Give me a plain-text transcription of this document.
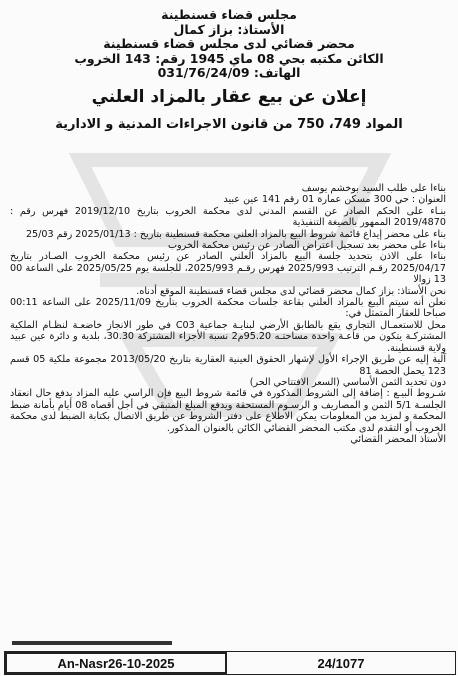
مجلس قضاء قسنطينة
الأستاذ: بزاز كمال
محضر قضائي لدى مجلس قضاء قسنطينة
الكائن مكتبه بحي 08 ماي 1945 رقم: 143 الخروب
الهاتف: 031/76/24/09
إعلان عن بيع عقار بالمزاد العلني
المواد 749، 750 من قانون الاجراءات المدنية و الادارية

بناءا على طلب السيد بوخشم يوسف

العنوان : حي 300 مسكن عمارة 01 رقم 141 عين عبيد

بنـاء على الحكم الصادر عن القسم المدني لدى محكمة الخروب بتاريخ 2019/12/10 فهرس رقم : 2019/4870 الممهور بالصيغة التنفيذية

بناء على محضر إيداع قائمة شروط البيع بالمزاد العلني محكمة قسنطينة بتاريخ : 2025/01/13 رقم 25/03

بناءا على محضر بعد تسجيل اعتراض الصادر عن رئيس محكمة الخروب

بناءا على الاذن بتحديد جلسة البيع بالمزاد العلني الصادر عن رئيس محكمة الخروب الصـادر بتاريخ 2025/04/17 رقـم الترتيب 2025/993 فهرس رقـم 2025/993، للجلسة يوم 2025/05/25 على الساعة 00 13 زوالا

نحن الأستاذ: بزاز كمال محضر قضائي لدى مجلس قضاء قسنطينة الموقع أدناه.

نعلن أنه سيتم البيع بالمزاد العلني بقاعة جلسات محكمة الخروب بتاريخ 2025/11/09 على الساعة 00:11 صباحا للعقار المتمثل في:

محل للاستعمـال التجاري يقع بالطابق الأرضي لبنايـة جماعية C03 في طور الانجاز خاضعـة لنظـام الملكية المشتركـة يتكون من قاعـة واحدة مساحتـه 95.20م2 نسبة الأجزاء المشتركة 30.30، بلدية و دائرة عين عبيد ولاية قسنطينة.

آلية إليه عن طريق الإجراء الأول لإشهار الحقوق العينية العقارية بتاريخ 2013/05/20 مجموعة ملكية 05 قسم 123 يحمل الحصة 81

دون تحديد الثمن الأساسي (السعر الافتتاحي الحر)

شـروط البيـع : إضافة إلى الشروط المذكورة في قائمة شروط البيع فإن الراسي عليه المزاد يدفع حال انعقاد الجلسـة 5/1 الثمن و المصاريف و الرسـوم المستحقة ويدفع المبلغ المتبقي في أجل أقصاه 08 أيام بأمانة ضبط المحكمة و لمزيد من المعلومات يمكن الاطلاع على دفتر الشروط عن طريق الاتصال بكتابة الضبط لدى محكمة الخروب أو التقدم لدى مكتب المحضر القضائي الكائن بالعنوان المذكور.

الأستاذ المحضر القضائي

An-Nasr26-10-2025	24/1077
